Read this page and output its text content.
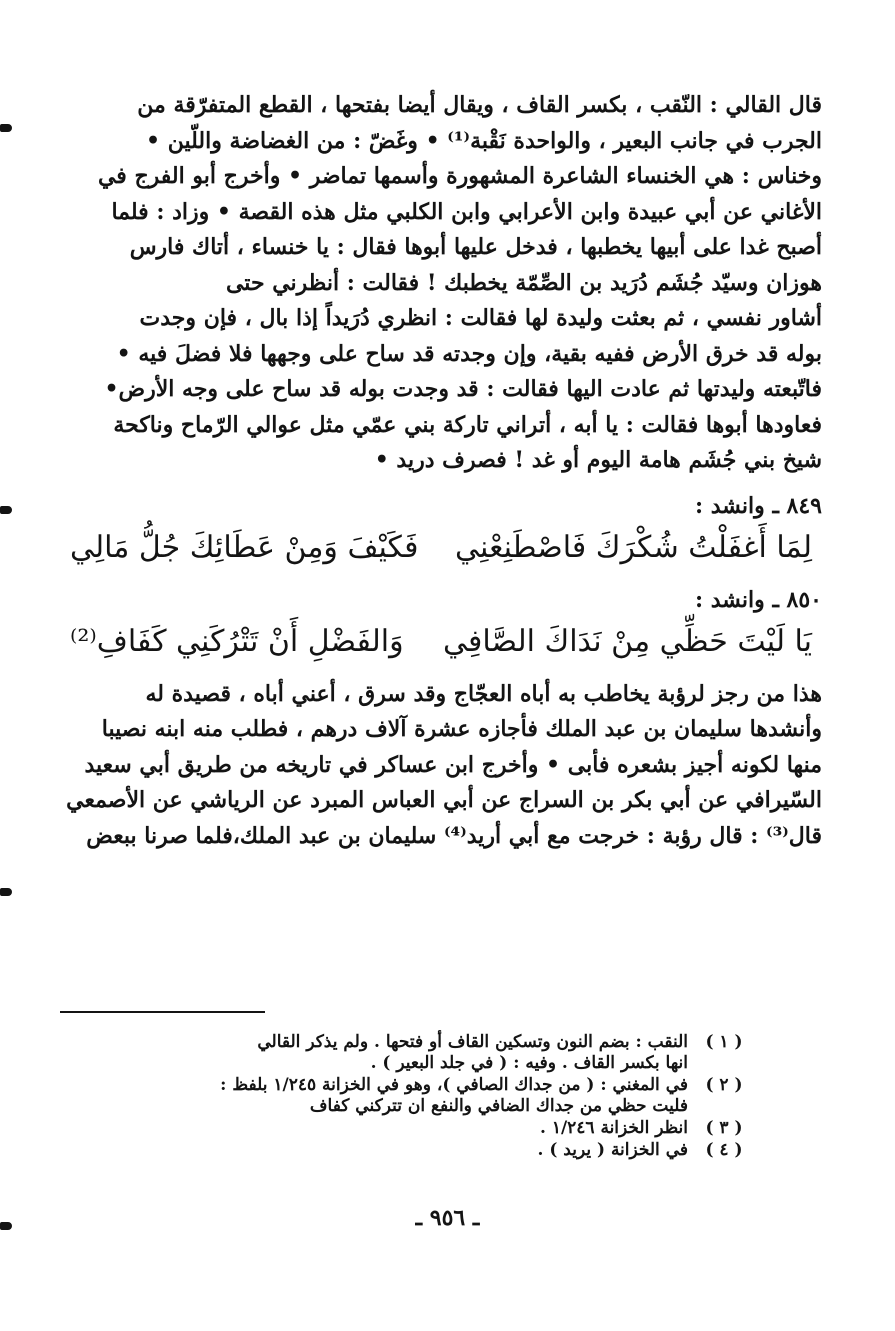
قال القالي : النّقب ، بكسر القاف ، ويقال أيضا بفتحها ، القطع المتفرّقة من

الجرب في جانب البعير ، والواحدة نَقْبة⁽¹⁾ • وغَضّ : من الغضاضة واللّين •

وخناس : هي الخنساء الشاعرة المشهورة وأسمها تماضر • وأخرج أبو الفرج في

الأغاني عن أبي عبيدة وابن الأعرابي وابن الكلبي مثل هذه القصة • وزاد : فلما

أصبح غدا على أبيها يخطبها ، فدخل عليها أبوها فقال : يا خنساء ، أتاك فارس

هوزان وسيّد جُشَم دُرَيد بن الصِّمّة يخطبك ! فقالت : أنظرني حتى

أشاور نفسي ، ثم بعثت وليدة لها فقالت : انظري دُرَيداً إذا بال ، فإن وجدت

بوله قد خرق الأرض ففيه بقية، وإن وجدته قد ساح على وجهها فلا فضلَ فيه •

فاتّبعته وليدتها ثم عادت اليها فقالت : قد وجدت بوله قد ساح على وجه الأرض•

فعاودها أبوها فقالت : يا أبه ، أتراني تاركة بني عمّي مثل عوالي الرّماح وناكحة

شيخ بني جُشَم هامة اليوم أو غد ! فصرف دريد •

٨٤٩ ـ وانشد :
لِمَا أَغفَلْتُ شُكْرَكَ فَاصْطَنِعْنِي
فَكَيْفَ وَمِنْ عَطَائِكَ جُلُّ مَالِي
٨٥٠ ـ وانشد :
يَا لَيْتَ حَظِّي مِنْ نَدَاكَ الصَّافِي
وَالفَضْلِ أَنْ تَتْرُكَنِي كَفَافِ⁽²⁾

هذا من رجز لرؤبة يخاطب به أباه العجّاج وقد سرق ، أعني أباه ، قصيدة له

وأنشدها سليمان بن عبد الملك فأجازه عشرة آلاف درهم ، فطلب منه ابنه نصيبا

منها لكونه أجيز بشعره فأبى • وأخرج ابن عساكر في تاريخه من طريق أبي سعيد

السّيرافي عن أبي بكر بن السراج عن أبي العباس المبرد عن الرياشي عن الأصمعي

قال⁽³⁾ : قال رؤبة : خرجت مع أبي أريد⁽⁴⁾ سليمان بن عبد الملك،فلما صرنا ببعض

( ١ )
النقب : بضم النون وتسكين القاف أو فتحها . ولم يذكر القالي
انها بكسر القاف . وفيه : ( في جلد البعير ) .
( ٢ )
في المغني : ( من جداك الصافي )، وهو في الخزانة ١/٢٤٥ بلفظ :
فليت حظي من جداك الضافي والنفع ان تتركني كفاف
( ٣ )
انظر الخزانة ١/٢٤٦ .
( ٤ )
في الخزانة ( يريد ) .
ـ ٩٥٦ ـ
